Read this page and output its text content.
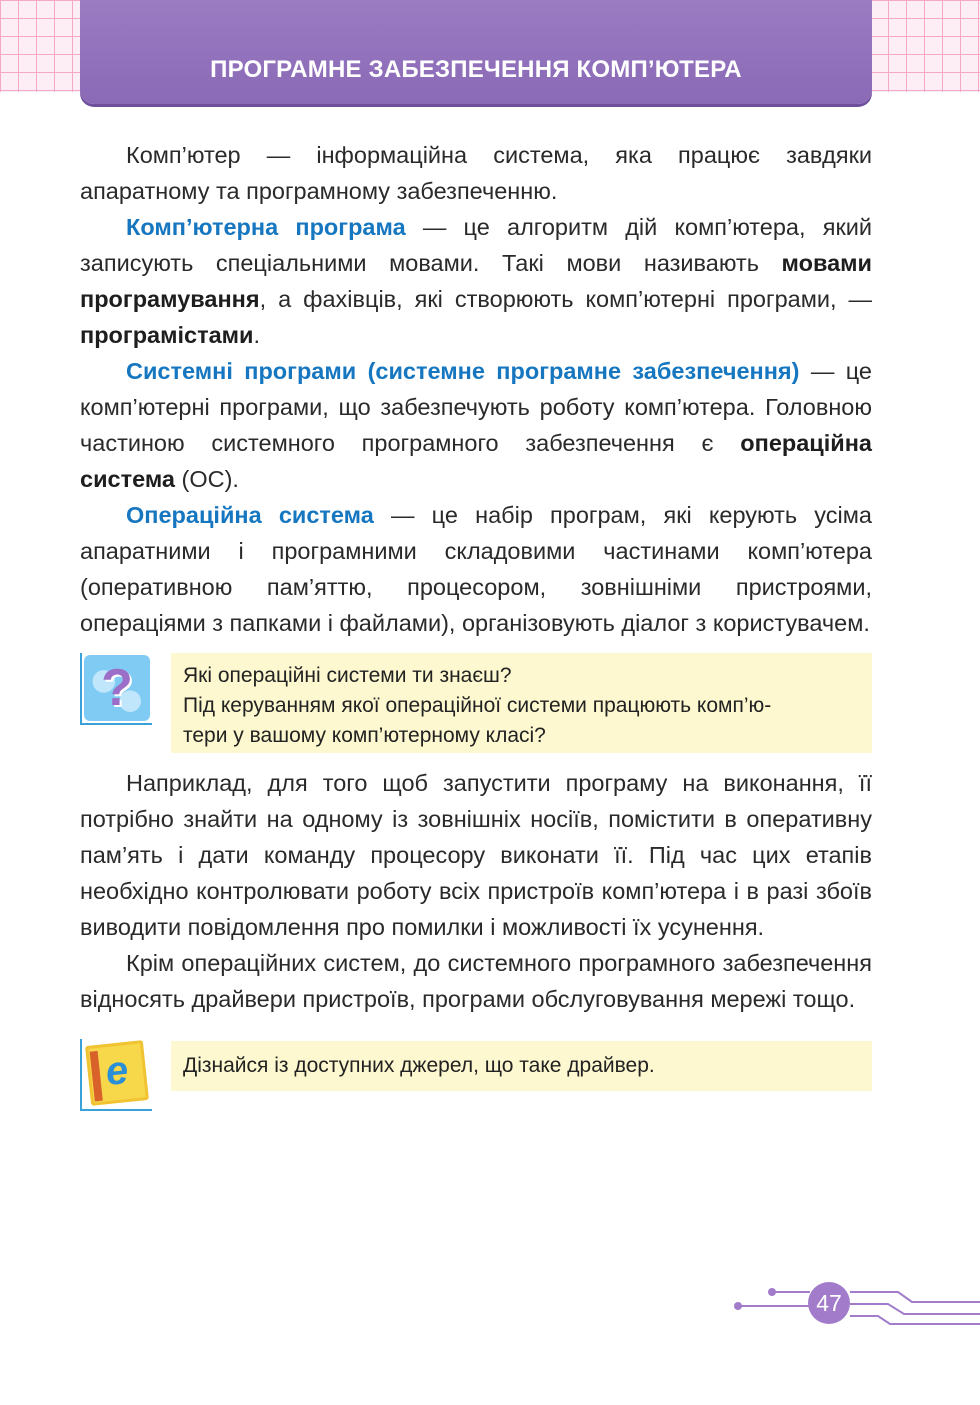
ПРОГРАМНЕ ЗАБЕЗПЕЧЕННЯ КОМП’ЮТЕРА

Комп’ютер — інформаційна система, яка працює завдяки апаратному та програмному забезпеченню.

Комп’ютерна програма — це алгоритм дій комп’ютера, який записують спеціальними мовами. Такі мови називають мовами програмування, а фахівців, які створюють комп’ютерні програми, — програмістами.

Системні програми (системне програмне забезпечення) — це комп’ютерні програми, що забезпечують роботу комп’ютера. Головною частиною системного програмного забезпечення є операційна система (ОС).

Операційна система — це набір програм, які керують усіма апаратними і програмними складовими частинами комп’ютера (оперативною пам’яттю, процесором, зовнішніми пристроями, операціями з папками і файлами), організовують діалог з користувачем.

? Які операційні системи ти знаєш?
Під керуванням якої операційної системи працюють комп’ю-
тери у вашому комп’ютерному класі?

Наприклад, для того щоб запустити програму на виконання, її потрібно знайти на одному із зовнішніх носіїв, помістити в оперативну пам’ять і дати команду процесору виконати її. Під час цих етапів необхідно контролювати роботу всіх пристроїв комп’ютера і в разі збоїв виводити повідомлення про помилки і можливості їх усунення.

Крім операційних систем, до системного програмного забезпечення відносять драйвери пристроїв, програми обслуговування мережі тощо.

e	Дізнайся із доступних джерел, що таке драйвер.
47
